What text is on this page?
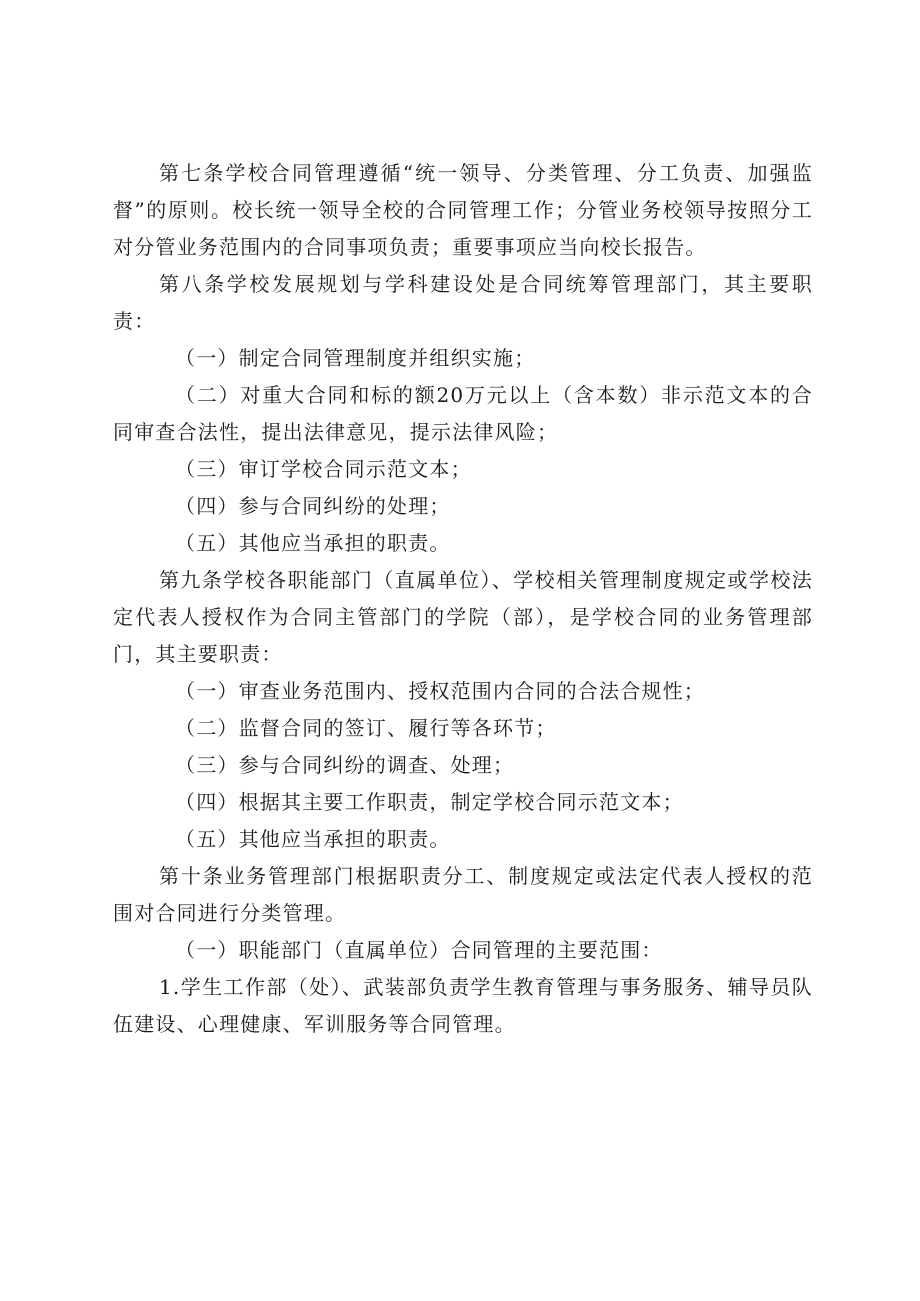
第七条学校合同管理遵循“统一领导、分类管理、分工负责、加强监督”的原则。校长统一领导全校的合同管理工作；分管业务校领导按照分工对分管业务范围内的合同事项负责；重要事项应当向校长报告。

第八条学校发展规划与学科建设处是合同统筹管理部门，其主要职责：

（一）制定合同管理制度并组织实施；

（二）对重大合同和标的额20万元以上（含本数）非示范文本的合同审查合法性，提出法律意见，提示法律风险；

（三）审订学校合同示范文本；

（四）参与合同纠纷的处理；

（五）其他应当承担的职责。

第九条学校各职能部门（直属单位）、学校相关管理制度规定或学校法定代表人授权作为合同主管部门的学院（部），是学校合同的业务管理部门，其主要职责：

（一）审查业务范围内、授权范围内合同的合法合规性；

（二）监督合同的签订、履行等各环节；

（三）参与合同纠纷的调查、处理；

（四）根据其主要工作职责，制定学校合同示范文本；

（五）其他应当承担的职责。

第十条业务管理部门根据职责分工、制度规定或法定代表人授权的范围对合同进行分类管理。

（一）职能部门（直属单位）合同管理的主要范围：

1.学生工作部（处）、武装部负责学生教育管理与事务服务、辅导员队伍建设、心理健康、军训服务等合同管理。
